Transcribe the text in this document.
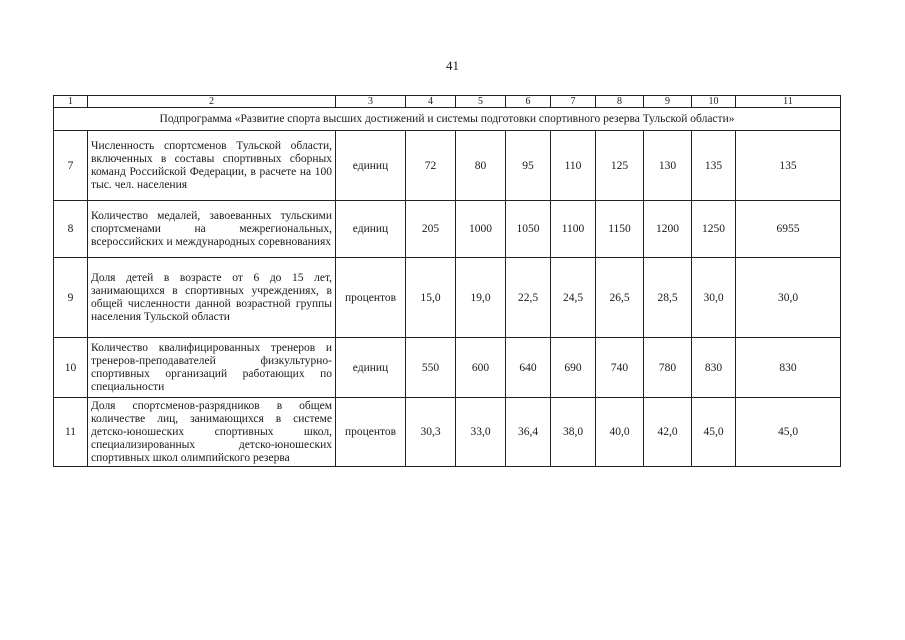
41
1	2	3	4	5	6	7	8	9	10	11
Подпрограмма «Развитие спорта высших достижений и системы подготовки спортивного резерва Тульской области»										
7	Численность спортсменов Тульской области, включенных в составы спортивных сборных команд Российской Федерации, в расчете на 100 тыс. чел. населения	единиц	72	80	95	110	125	130	135	135
8	Количество медалей, завоеванных тульскими спортсменами на межрегиональных, всероссийских и международных соревнованиях	единиц	205	1000	1050	1100	1150	1200	1250	6955
9	Доля детей в возрасте от 6 до 15 лет, занимающихся в спортивных учреждениях, в общей численности данной возрастной группы населения Тульской области	процентов	15,0	19,0	22,5	24,5	26,5	28,5	30,0	30,0
10	Количество квалифицированных тренеров и тренеров-преподавателей физкультурно-спортивных организаций работающих по специальности	единиц	550	600	640	690	740	780	830	830
11	Доля спортсменов-разрядников в общем количестве лиц, занимающихся в системе детско-юношеских спортивных школ, специализированных детско-юношеских спортивных школ олимпийского резерва	процентов	30,3	33,0	36,4	38,0	40,0	42,0	45,0	45,0
